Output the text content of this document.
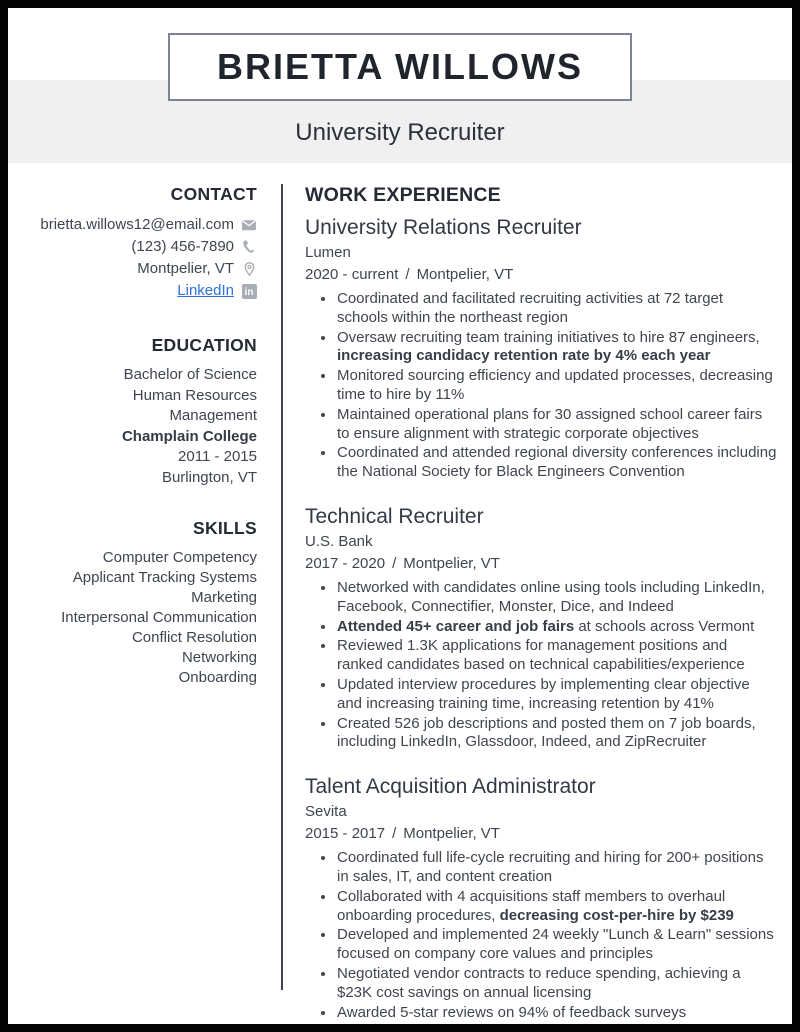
BRIETTA WILLOWS
University Recruiter
CONTACT
brietta.willows12@email.com
(123) 456-7890
Montpelier, VT
LinkedIn	in
EDUCATION
Bachelor of Science
Human Resources Management
Champlain College
2011 - 2015
Burlington, VT
SKILLS
Computer Competency
Applicant Tracking Systems
Marketing
Interpersonal Communication
Conflict Resolution
Networking
Onboarding
WORK EXPERIENCE
University Relations Recruiter
Lumen
2020 - current / Montpelier, VT
• Coordinated and facilitated recruiting activities at 72 target schools within the northeast region
• Oversaw recruiting team training initiatives to hire 87 engineers, increasing candidacy retention rate by 4% each year
• Monitored sourcing efficiency and updated processes, decreasing time to hire by 11%
• Maintained operational plans for 30 assigned school career fairs to ensure alignment with strategic corporate objectives
• Coordinated and attended regional diversity conferences including the National Society for Black Engineers Convention
Technical Recruiter
U.S. Bank
2017 - 2020 / Montpelier, VT
• Networked with candidates online using tools including LinkedIn, Facebook, Connectifier, Monster, Dice, and Indeed
• Attended 45+ career and job fairs at schools across Vermont
• Reviewed 1.3K applications for management positions and ranked candidates based on technical capabilities/experience
• Updated interview procedures by implementing clear objective and increasing training time, increasing retention by 41%
• Created 526 job descriptions and posted them on 7 job boards, including LinkedIn, Glassdoor, Indeed, and ZipRecruiter
Talent Acquisition Administrator
Sevita
2015 - 2017 / Montpelier, VT
• Coordinated full life-cycle recruiting and hiring for 200+ positions in sales, IT, and content creation
• Collaborated with 4 acquisitions staff members to overhaul onboarding procedures, decreasing cost-per-hire by $239
• Developed and implemented 24 weekly "Lunch & Learn" sessions focused on company core values and principles
• Negotiated vendor contracts to reduce spending, achieving a $23K cost savings on annual licensing
• Awarded 5-star reviews on 94% of feedback surveys
